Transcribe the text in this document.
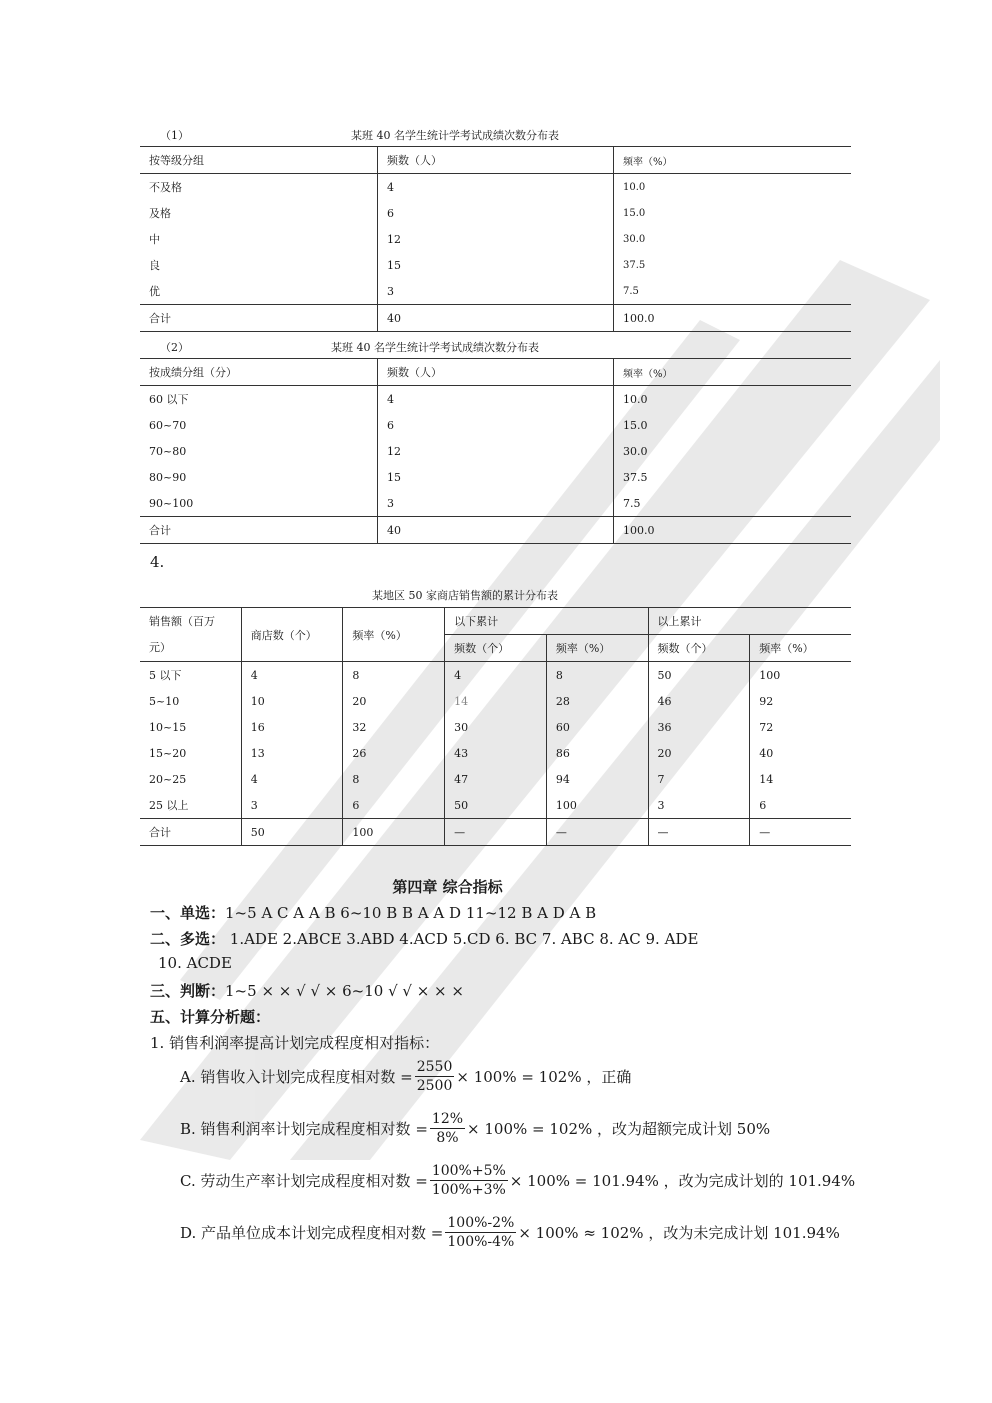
（1）	某班 40 名学生统计学考试成绩次数分布表
按等级分组	频数（人）	频率（%）
不及格	4	10.0
及格	6	15.0
中	12	30.0
良	15	37.5
优	3	7.5
合计	40	100.0
（2）	某班 40 名学生统计学考试成绩次数分布表
按成绩分组（分）	频数（人）	频率（%）
60 以下	4	10.0
60~70	6	15.0
70~80	12	30.0
80~90	15	37.5
90~100	3	7.5
合计	40	100.0
4.
某地区 50 家商店销售额的累计分布表
销售额（百万
元）	商店数（个）	频率（%）	以下累计		以上累计	
			频数（个）	频率（%）	频数（个）	频率（%）
5 以下	4	8	4	8	50	100
5~10	10	20	14	28	46	92
10~15	16	32	30	60	36	72
15~20	13	26	43	86	20	40
20~25	4	8	47	94	7	14
25 以上	3	6	50	100	3	6
合计	50	100	—	—	—	—
第四章 综合指标
一、单选：1~5 A C A A B 6~10 B B A A D 11~12 B A D A B
二、多选： 1.ADE 2.ABCE 3.ABD 4.ACD 5.CD 6. BC 7. ABC 8. AC 9. ADE
10. ACDE
三、判断：1~5 × × √ √ × 6~10 √ √ × × ×
五、计算分析题：
1. 销售利润率提高计划完成程度相对指标：
A. 销售收入计划完成程度相对数 = $\frac{2550}{2500} \times 100\% = 102\%$ ，正确
B. 销售利润率计划完成程度相对数 = $\frac{12\%}{8\%} \times 100\% = 102\%$ ，改为超额完成计划 50%
C. 劳动生产率计划完成程度相对数 = $\frac{100\%+5\%}{100\%+3\%} \times 100\% = 101.94\%$ ，改为完成计划的 101.94%
D. 产品单位成本计划完成程度相对数 = $\frac{100\%-2\%}{100\%-4\%} \times 100\% \approx 102\%$ ，改为未完成计划 101.94%
